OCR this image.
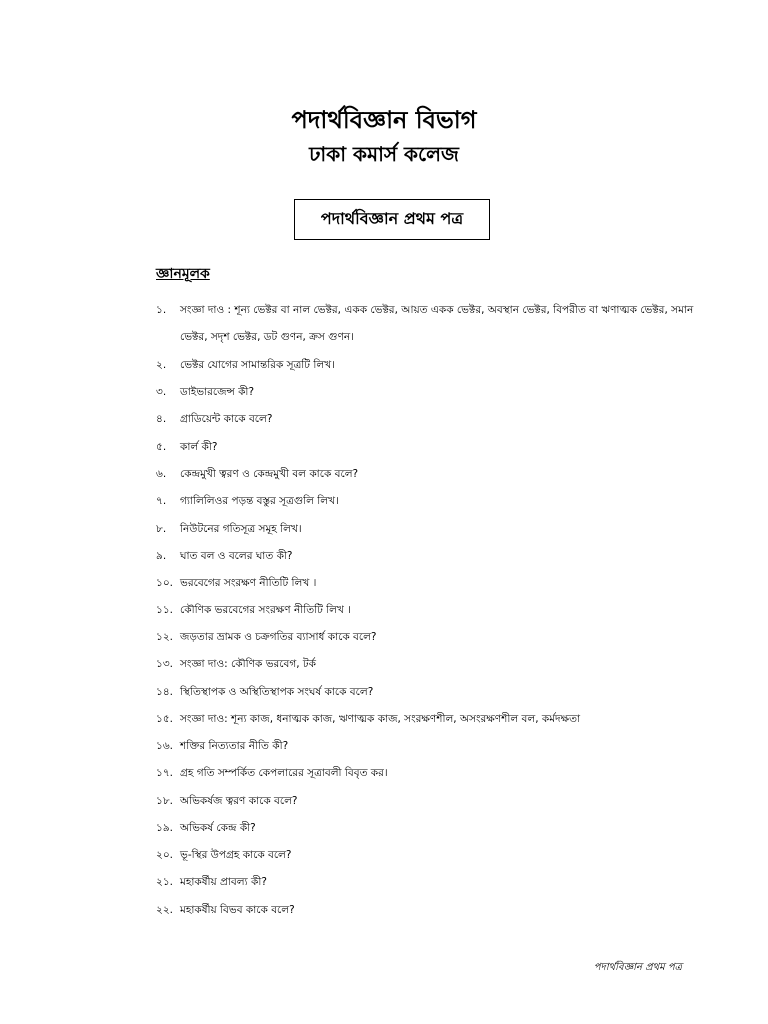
পদার্থবিজ্ঞান বিভাগ
ঢাকা কমার্স কলেজ
পদার্থবিজ্ঞান প্রথম পত্র
জ্ঞানমূলক
১.	সংজ্ঞা দাও : শূন্য ভেক্টর বা নাল ভেক্টর, একক ভেক্টর, আয়ত একক ভেক্টর, অবস্থান ভেক্টর, বিপরীত বা ঋণাত্মক ভেক্টর, সমান ভেক্টর, সদৃশ ভেক্টর, ডট গুণন, ক্রস গুণন।
২.	ভেক্টর যোগের সামান্তরিক সূত্রটি লিখ।
৩.	ডাইভারজেন্স কী?
৪.	গ্রাডিয়েন্ট কাকে বলে?
৫.	কার্ল কী?
৬.	কেন্দ্রমুখী ত্বরণ ও কেন্দ্রমুখী বল কাকে বলে?
৭.	গ্যালিলিওর পড়ন্ত বস্তুর সূত্রগুলি লিখ।
৮.	নিউটনের গতিসূত্র সমূহ লিখ।
৯.	ঘাত বল ও বলের ঘাত কী?
১০. ভরবেগের সংরক্ষণ নীতিটি লিখ ।
১১. কৌণিক ভরবেগের সংরক্ষণ নীতিটি লিখ ।
১২. জড়তার ভ্রামক ও চক্রগতির ব্যাসার্ধ কাকে বলে?
১৩. সংজ্ঞা দাও: কৌণিক ভরবেগ, টর্ক
১৪. স্থিতিস্থাপক ও অস্থিতিস্থাপক সংঘর্ষ কাকে বলে?
১৫. সংজ্ঞা দাও: শূন্য কাজ, ধনাত্মক কাজ, ঋণাত্মক কাজ, সংরক্ষণশীল, অসংরক্ষণশীল বল, কর্মদক্ষতা
১৬. শক্তির নিত্যতার নীতি কী?
১৭. গ্রহ গতি সম্পর্কিত কেপলারের সূত্রাবলী বিবৃত কর।
১৮. অভিকর্ষজ ত্বরণ কাকে বলে?
১৯. অভিকর্ষ কেন্দ্র কী?
২০. ভূ-স্থির উপগ্রহ কাকে বলে?
২১. মহাকর্ষীয় প্রাবল্য কী?
২২. মহাকর্ষীয় বিভব কাকে বলে?
পদার্থবিজ্ঞান প্রথম পত্র
